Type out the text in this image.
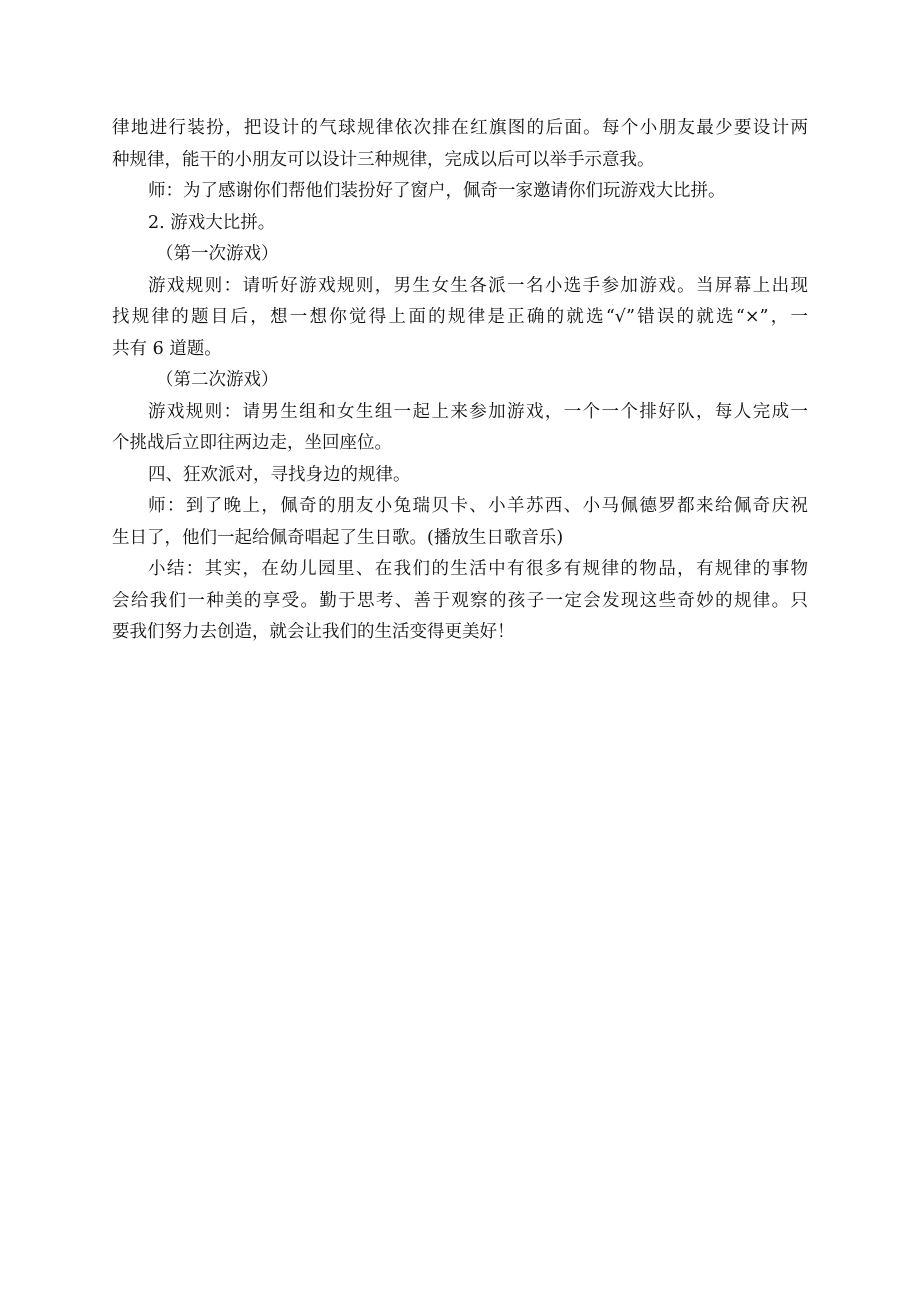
律地进行装扮，把设计的气球规律依次排在红旗图的后面。每个小朋友最少要设计两
种规律，能干的小朋友可以设计三种规律，完成以后可以举手示意我。
师：为了感谢你们帮他们装扮好了窗户，佩奇一家邀请你们玩游戏大比拼。
2. 游戏大比拼。
（第一次游戏）
游戏规则：请听好游戏规则，男生女生各派一名小选手参加游戏。当屏幕上出现
找规律的题目后，想一想你觉得上面的规律是正确的就选“√”错误的就选“×”，一
共有 6 道题。
（第二次游戏）
游戏规则：请男生组和女生组一起上来参加游戏，一个一个排好队，每人完成一
个挑战后立即往两边走，坐回座位。
四、狂欢派对，寻找身边的规律。
师：到了晚上，佩奇的朋友小兔瑞贝卡、小羊苏西、小马佩德罗都来给佩奇庆祝
生日了，他们一起给佩奇唱起了生日歌。(播放生日歌音乐)
小结：其实，在幼儿园里、在我们的生活中有很多有规律的物品，有规律的事物
会给我们一种美的享受。勤于思考、善于观察的孩子一定会发现这些奇妙的规律。只
要我们努力去创造，就会让我们的生活变得更美好！
